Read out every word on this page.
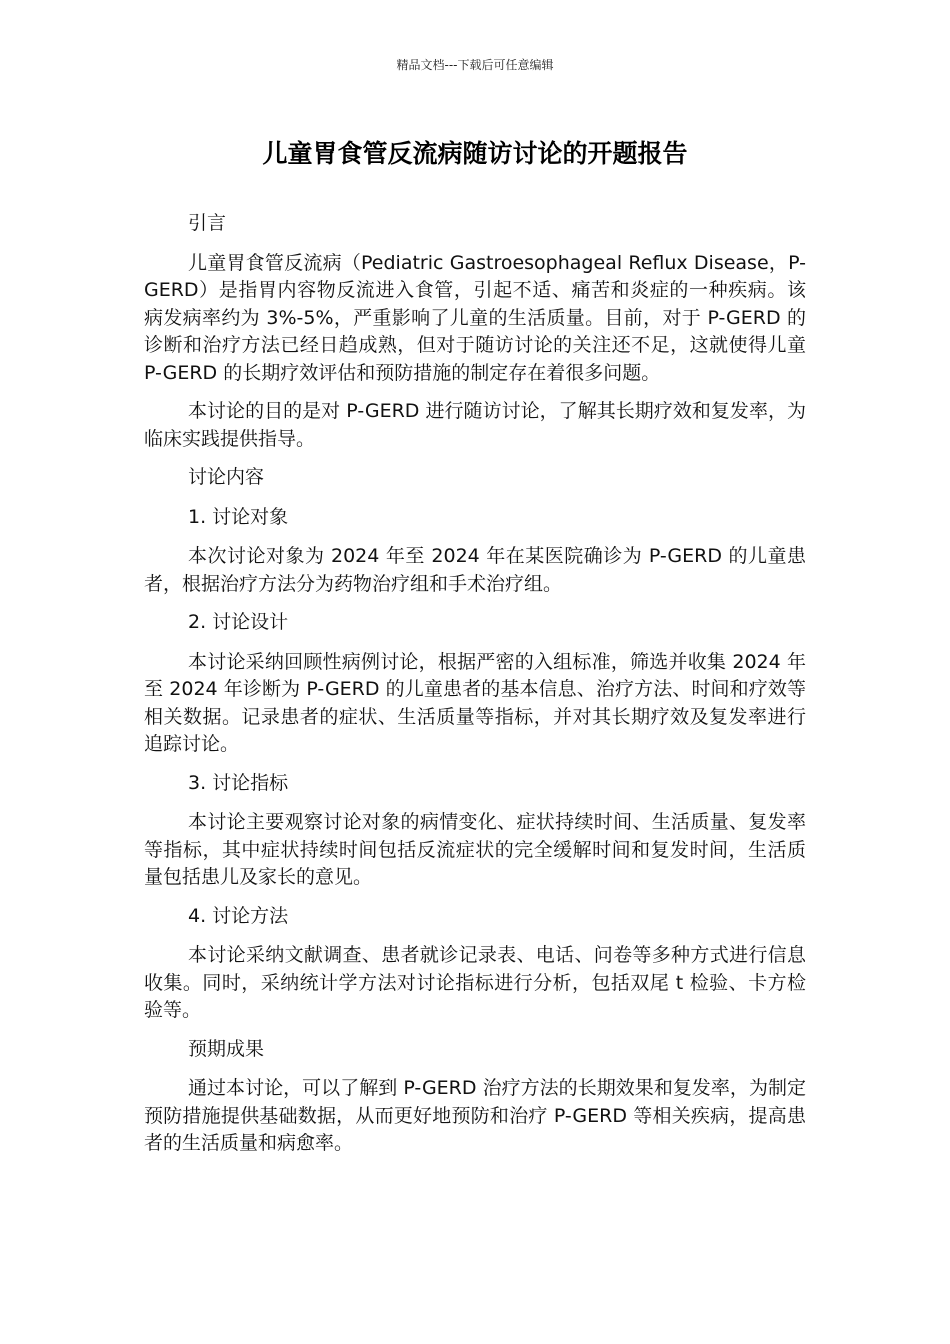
精品文档---下载后可任意编辑
儿童胃食管反流病随访讨论的开题报告

引言

儿童胃食管反流病（Pediatric Gastroesophageal Reflux Disease，P-GERD）是指胃内容物反流进入食管，引起不适、痛苦和炎症的一种疾病。该病发病率约为 3%-5%，严重影响了儿童的生活质量。目前，对于 P-GERD 的诊断和治疗方法已经日趋成熟，但对于随访讨论的关注还不足，这就使得儿童 P-GERD 的长期疗效评估和预防措施的制定存在着很多问题。

本讨论的目的是对 P-GERD 进行随访讨论，了解其长期疗效和复发率，为临床实践提供指导。

讨论内容

1. 讨论对象

本次讨论对象为 2024 年至 2024 年在某医院确诊为 P-GERD 的儿童患者，根据治疗方法分为药物治疗组和手术治疗组。

2. 讨论设计

本讨论采纳回顾性病例讨论，根据严密的入组标准，筛选并收集 2024 年至 2024 年诊断为 P-GERD 的儿童患者的基本信息、治疗方法、时间和疗效等相关数据。记录患者的症状、生活质量等指标，并对其长期疗效及复发率进行追踪讨论。

3. 讨论指标

本讨论主要观察讨论对象的病情变化、症状持续时间、生活质量、复发率等指标，其中症状持续时间包括反流症状的完全缓解时间和复发时间，生活质量包括患儿及家长的意见。

4. 讨论方法

本讨论采纳文献调查、患者就诊记录表、电话、问卷等多种方式进行信息收集。同时，采纳统计学方法对讨论指标进行分析，包括双尾 t 检验、卡方检验等。

预期成果

通过本讨论，可以了解到 P-GERD 治疗方法的长期效果和复发率，为制定预防措施提供基础数据，从而更好地预防和治疗 P-GERD 等相关疾病，提高患者的生活质量和病愈率。
